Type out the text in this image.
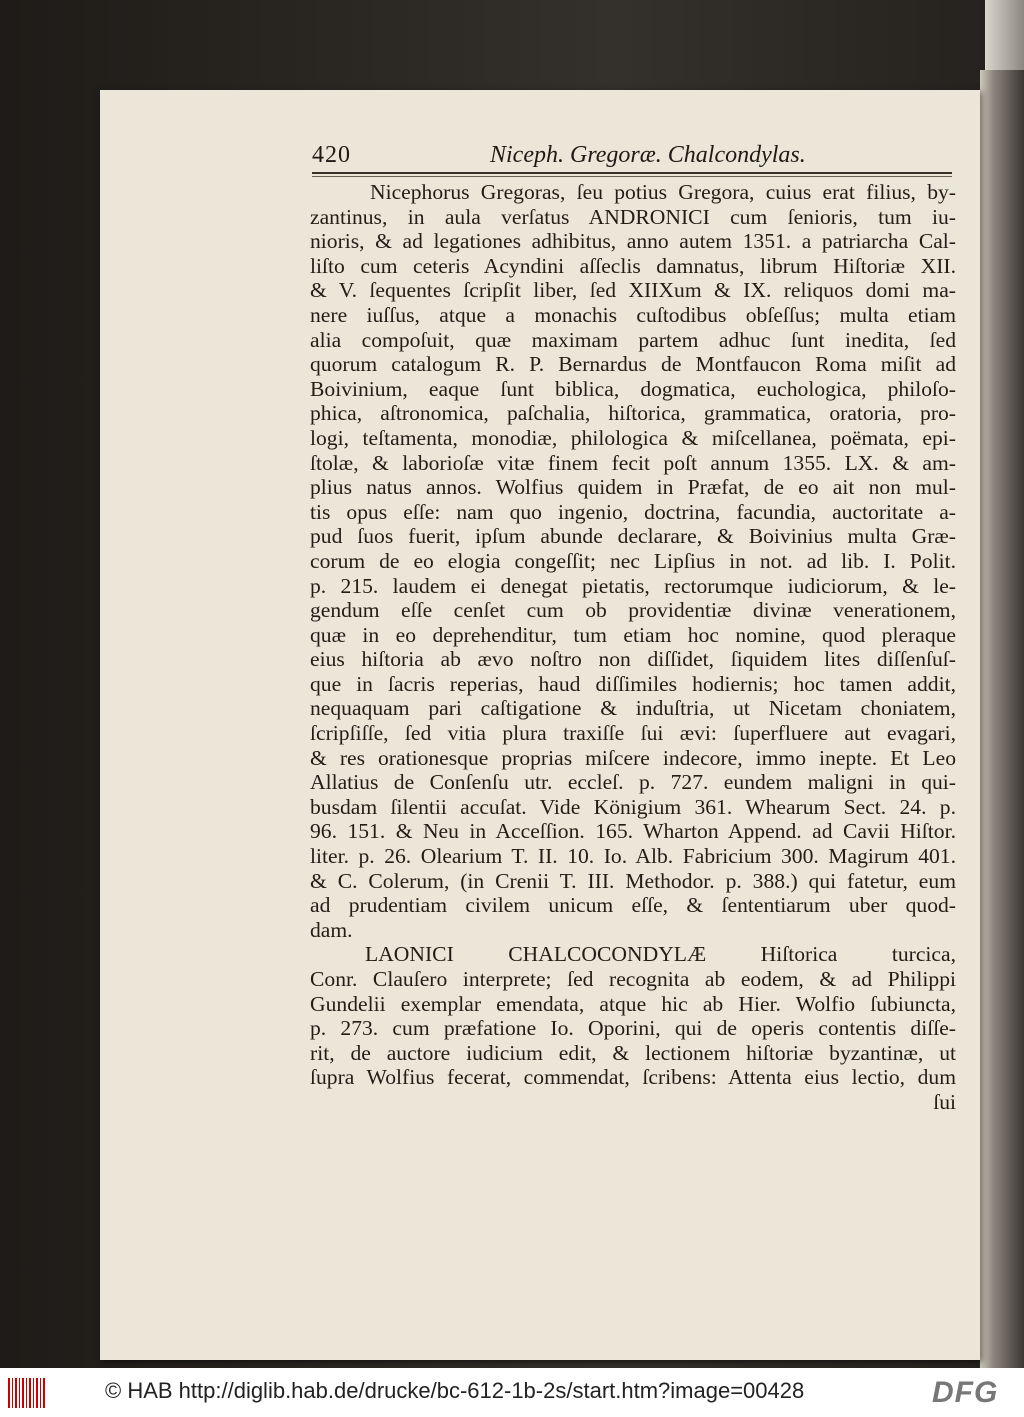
420	Niceph. Gregoræ. Chalcondylas.
Nicephorus Gregoras, ſeu potius Gregora, cuius erat filius, by-
zantinus, in aula verſatus ANDRONICI cum ſenioris, tum iu-
nioris, & ad legationes adhibitus, anno autem 1351. a patriarcha Cal-
liſto cum ceteris Acyndini aſſeclis damnatus, librum Hiſtoriæ XII.
& V. ſequentes ſcripſit liber, ſed XIIXum & IX. reliquos domi ma-
nere iuſſus, atque a monachis cuſtodibus obſeſſus; multa etiam
alia compoſuit, quæ maximam partem adhuc ſunt inedita, ſed
quorum catalogum R. P. Bernardus de Montfaucon Roma miſit ad
Boivinium, eaque ſunt biblica, dogmatica, euchologica, philoſo-
phica, aſtronomica, paſchalia, hiſtorica, grammatica, oratoria, pro-
logi, teſtamenta, monodiæ, philologica & miſcellanea, poëmata, epi-
ſtolæ, & laborioſæ vitæ finem fecit poſt annum 1355. LX. & am-
plius natus annos. Wolfius quidem in Præfat, de eo ait non mul-
tis opus eſſe: nam quo ingenio, doctrina, facundia, auctoritate a-
pud ſuos fuerit, ipſum abunde declarare, & Boivinius multa Græ-
corum de eo elogia congeſſit; nec Lipſius in not. ad lib. I. Polit.
p. 215. laudem ei denegat pietatis, rectorumque iudiciorum, & le-
gendum eſſe cenſet cum ob providentiæ divinæ venerationem,
quæ in eo deprehenditur, tum etiam hoc nomine, quod pleraque
eius hiſtoria ab ævo noſtro non diſſidet, ſiquidem lites diſſenſuſ-
que in ſacris reperias, haud diſſimiles hodiernis; hoc tamen addit,
nequaquam pari caſtigatione & induſtria, ut Nicetam choniatem,
ſcripſiſſe, ſed vitia plura traxiſſe ſui ævi: ſuperfluere aut evagari,
& res orationesque proprias miſcere indecore, immo inepte. Et Leo
Allatius de Conſenſu utr. eccleſ. p. 727. eundem maligni in qui-
busdam ſilentii accuſat. Vide Königium 361. Whearum Sect. 24. p.
96. 151. & Neu in Acceſſion. 165. Wharton Append. ad Cavii Hiſtor.
liter. p. 26. Olearium T. II. 10. Io. Alb. Fabricium 300. Magirum 401.
& C. Colerum, (in Crenii T. III. Methodor. p. 388.) qui fatetur, eum
ad prudentiam civilem unicum eſſe, & ſententiarum uber quod-
dam.
LAONICI CHALCOCONDYLÆ Hiſtorica turcica,
Conr. Clauſero interprete; ſed recognita ab eodem, & ad Philippi
Gundelii exemplar emendata, atque hic ab Hier. Wolfio ſubiuncta,
p. 273. cum præfatione Io. Oporini, qui de operis contentis diſſe-
rit, de auctore iudicium edit, & lectionem hiſtoriæ byzantinæ, ut
ſupra Wolfius fecerat, commendat, ſcribens: Attenta eius lectio, dum
ſui
© HAB http://diglib.hab.de/drucke/bc-612-1b-2s/start.htm?image=00428	DFG
